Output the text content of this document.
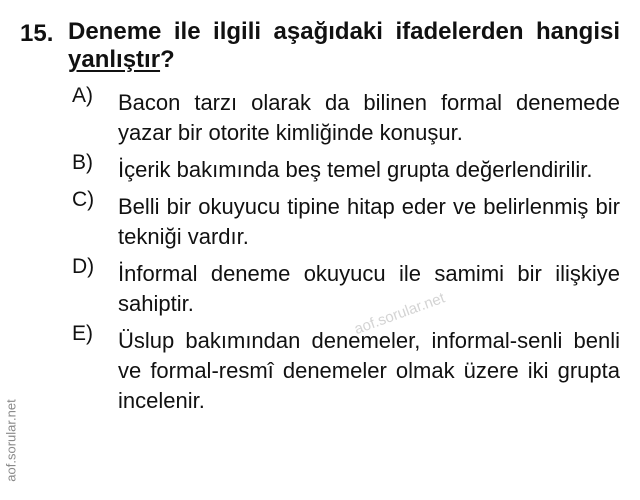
15. Deneme ile ilgili aşağıdaki ifadelerden hangisi yanlıştır?
A)	Bacon tarzı olarak da bilinen formal denemede yazar bir otorite kimliğinde konuşur.
B)	İçerik bakımında beş temel grupta değerlendirilir.
C)	Belli bir okuyucu tipine hitap eder ve belirlenmiş bir tekniği vardır.
D)	İnformal deneme okuyucu ile samimi bir ilişkiye sahiptir.
E)	Üslup bakımından denemeler, informal-senli benli ve formal-resmî denemeler olmak üzere iki grupta incelenir.
aof.sorular.net
aof.sorular.net
